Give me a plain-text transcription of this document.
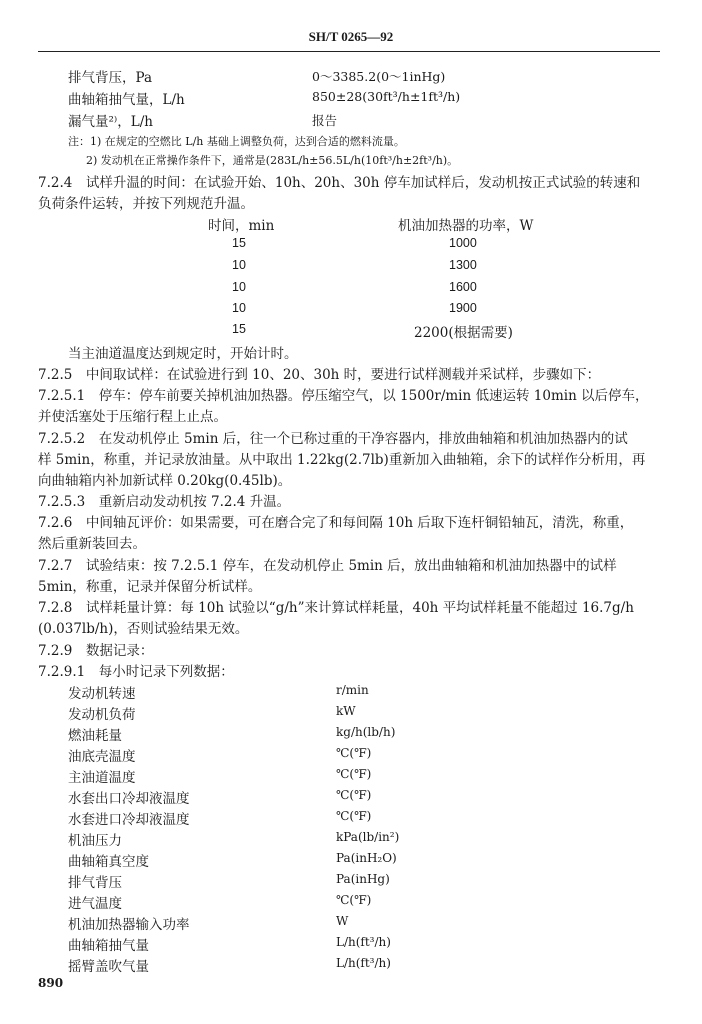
SH/T 0265—92
排气背压，Pa	0～3385.2(0～1inHg)
曲轴箱抽气量，L/h	850±28(30ft³/h±1ft³/h)
漏气量²⁾，L/h	报告
注：1) 在规定的空燃比 L/h 基础上调整负荷，达到合适的燃料流量。
2) 发动机在正常操作条件下，通常是(283L/h±56.5L/h(10ft³/h±2ft³/h)。
7.2.4　试样升温的时间：在试验开始、10h、20h、30h 停车加试样后，发动机按正式试验的转速和
负荷条件运转，并按下列规范升温。
时间，min	机油加热器的功率，W
15	1000
10	1300
10	1600
10	1900
15	2200(根据需要)
当主油道温度达到规定时，开始计时。
7.2.5　中间取试样：在试验进行到 10、20、30h 时，要进行试样测载并采试样，步骤如下：
7.2.5.1　停车：停车前要关掉机油加热器。停压缩空气，以 1500r/min 低速运转 10min 以后停车，
并使活塞处于压缩行程上止点。
7.2.5.2　在发动机停止 5min 后，往一个已称过重的干净容器内，排放曲轴箱和机油加热器内的试
样 5min，称重，并记录放油量。从中取出 1.22kg(2.7lb)重新加入曲轴箱，余下的试样作分析用，再
向曲轴箱内补加新试样 0.20kg(0.45lb)。
7.2.5.3　重新启动发动机按 7.2.4 升温。
7.2.6　中间轴瓦评价：如果需要，可在磨合完了和每间隔 10h 后取下连杆铜铅轴瓦，清洗，称重，
然后重新装回去。
7.2.7　试验结束：按 7.2.5.1 停车，在发动机停止 5min 后，放出曲轴箱和机油加热器中的试样
5min，称重，记录并保留分析试样。
7.2.8　试样耗量计算：每 10h 试验以“g/h”来计算试样耗量，40h 平均试样耗量不能超过 16.7g/h
(0.037lb/h)，否则试验结果无效。
7.2.9　数据记录：
7.2.9.1　每小时记录下列数据：
发动机转速	r/min
发动机负荷	kW
燃油耗量	kg/h(lb/h)
油底壳温度	℃(℉)
主油道温度	℃(℉)
水套出口冷却液温度	℃(℉)
水套进口冷却液温度	℃(℉)
机油压力	kPa(lb/in²)
曲轴箱真空度	Pa(inH₂O)
排气背压	Pa(inHg)
进气温度	℃(℉)
机油加热器输入功率	W
曲轴箱抽气量	L/h(ft³/h)
摇臂盖吹气量	L/h(ft³/h)
890
